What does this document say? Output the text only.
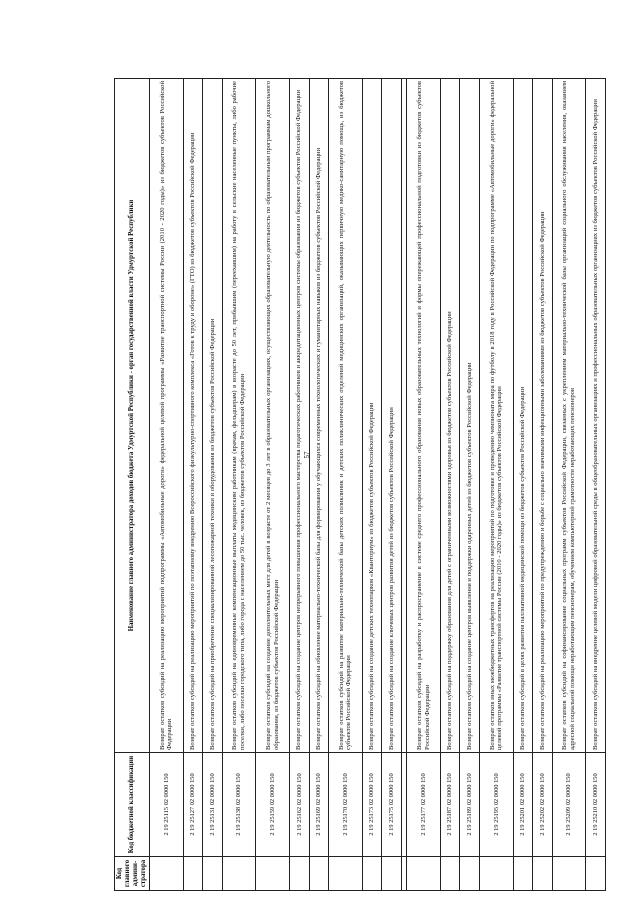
57
Код главного админи-стратора	Код бюджетной классификации	Наименование главного администратора доходов бюджета Удмуртской Республики - орган государственной власти Удмуртской Республики
	2 19 25115 02 0000 150	Возврат остатков субсидий на реализацию мероприятий подпрограммы «Автомобильные дороги» федеральной целевой программы «Развитие транспортной системы России (2010 - 2020 годы)» из бюджетов субъектов Российской Федерации
	2 19 25127 02 0000 150	Возврат остатков субсидий на реализацию мероприятий по поэтапному внедрению Всероссийского физкультурно-спортивного комплекса «Готов к труду и обороне» (ГТО) из бюджетов субъектов Российской Федерации
	2 19 25131 02 0000 150	Возврат остатков субсидий на приобретение специализированной лесопожарной техники и оборудования из бюджетов субъектов Российской Федерации
	2 19 25138 02 0000 150	Возврат остатков субсидий на единовременные компенсационные выплаты медицинским работникам (врачам, фельдшерам) в возрасте до 50 лет, прибывшим (переехавшим) на работу в сельские населенные пункты, либо рабочие поселки, либо поселки городского типа, либо города с населением до 50 тыс. человек, из бюджетов субъектов Российской Федерации
	2 19 25159 02 0000 150	Возврат остатков субсидий на создание дополнительных мест для детей в возрасте от 2 месяцев до 3 лет в образовательных организациях, осуществляющих образовательную деятельность по образовательным программам дошкольного образования, из бюджетов субъектов Российской Федерации
	2 19 25162 02 0000 150	Возврат остатков субсидий на создание центров непрерывного повышения профессионального мастерства педагогических работников и аккредитационных центров системы образования из бюджетов субъектов Российской Федерации
	2 19 25169 02 0000 150	Возврат остатков субсидий на обновление материально-технической базы для формирования у обучающихся современных технологических и гуманитарных навыков из бюджетов субъектов Российской Федерации
	2 19 25170 02 0000 150	Возврат остатков субсидий на развитие материально-технической базы детских поликлиник и детских поликлинических отделений медицинских организаций, оказывающих первичную медико-санитарную помощь, из бюджетов субъектов Российской Федерации
	2 19 25173 02 0000 150	Возврат остатков субсидий на создание детских технопарков «Кванториум» из бюджетов субъектов Российской Федерации
	2 19 25175 02 0000 150	Возврат остатков субсидий на создание ключевых центров развития детей из бюджетов субъектов Российской Федерации

	2 19 25177 02 0000 150	Возврат остатков субсидий на разработку и распространение в системе среднего профессионального образования новых образовательных технологий и формы опережающей профессиональной подготовки из бюджетов субъектов Российской Федерации
	2 19 25187 02 0000 150	Возврат остатков субсидий на поддержку образования для детей с ограниченными возможностями здоровья из бюджетов субъектов Российской Федерации
	2 19 25189 02 0000 150	Возврат остатков субсидий на создание центров выявления и поддержки одаренных детей из бюджетов субъектов Российской Федерации
	2 19 25195 02 0000 150	Возврат остатков иных межбюджетных трансфертов на реализацию мероприятий по подготовке и проведению чемпионата мира по футболу в 2018 году в Российской Федерации по подпрограмме «Автомобильные дороги» федеральной целевой программы «Развитие транспортной системы России (2010 - 2020 годы)» из бюджетов субъектов Российской Федерации
	2 19 25201 02 0000 150	Возврат остатков субсидий в целях развития паллиативной медицинской помощи из бюджетов субъектов Российской Федерации
	2 19 25202 02 0000 150	Возврат остатков субсидий на реализацию мероприятий по предупреждению и борьбе с социально значимыми инфекционными заболеваниями из бюджетов субъектов Российской Федерации
	2 19 25209 02 0000 150	Возврат остатков субсидий на софинансирование социальных программ субъектов Российской Федерации, связанных с укреплением материально-технической базы организаций социального обслуживания населения, оказанием адресной социальной помощи неработающим пенсионерам, обучением компьютерной грамотности неработающих пенсионеров
	2 19 25210 02 0000 150	Возврат остатков субсидий на внедрение целевой модели цифровой образовательной среды в общеобразовательных организациях и профессиональных образовательных организациях из бюджетов субъектов Российской Федерации
